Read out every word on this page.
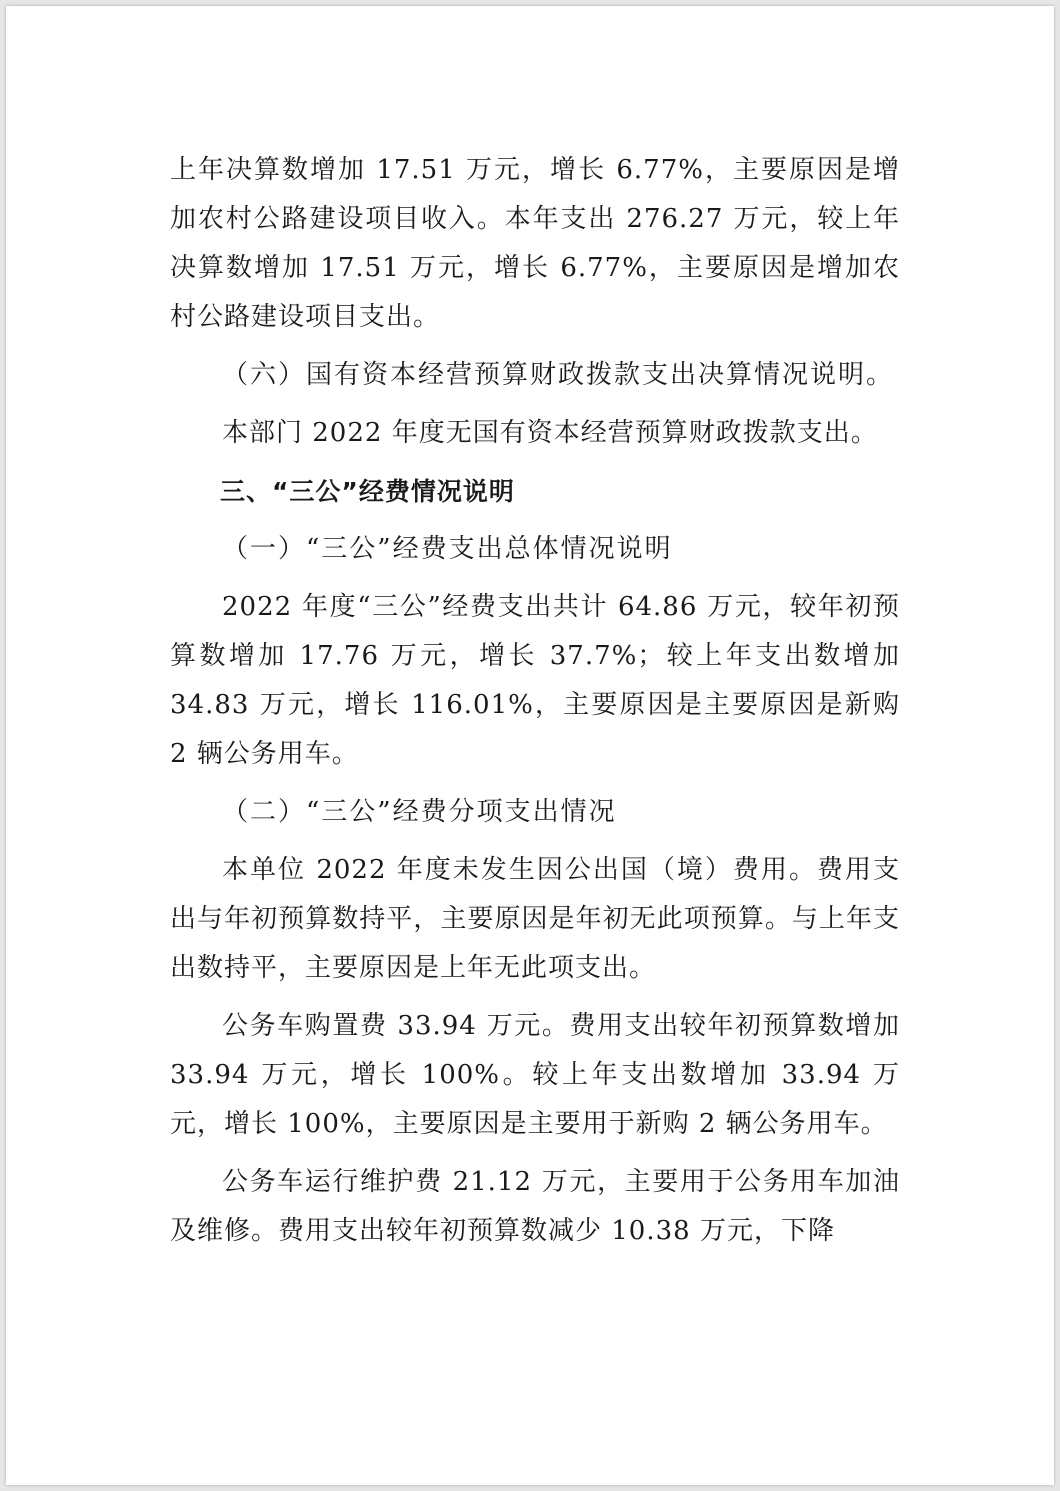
上年决算数增加 17.51 万元，增长 6.77%，主要原因是增加农村公路建设项目收入。本年支出 276.27 万元，较上年决算数增加 17.51 万元，增长 6.77%，主要原因是增加农村公路建设项目支出。

（六）国有资本经营预算财政拨款支出决算情况说明。

本部门 2022 年度无国有资本经营预算财政拨款支出。

三、“三公”经费情况说明

（一）“三公”经费支出总体情况说明

2022 年度“三公”经费支出共计 64.86 万元，较年初预算数增加 17.76 万元，增长 37.7%；较上年支出数增加 34.83 万元，增长 116.01%，主要原因是主要原因是新购 2 辆公务用车。

（二）“三公”经费分项支出情况

本单位 2022 年度未发生因公出国（境）费用。费用支出与年初预算数持平，主要原因是年初无此项预算。与上年支出数持平，主要原因是上年无此项支出。

公务车购置费 33.94 万元。费用支出较年初预算数增加 33.94 万元，增长 100%。较上年支出数增加 33.94 万元，增长 100%，主要原因是主要用于新购 2 辆公务用车。

公务车运行维护费 21.12 万元，主要用于公务用车加油及维修。费用支出较年初预算数减少 10.38 万元，下降
